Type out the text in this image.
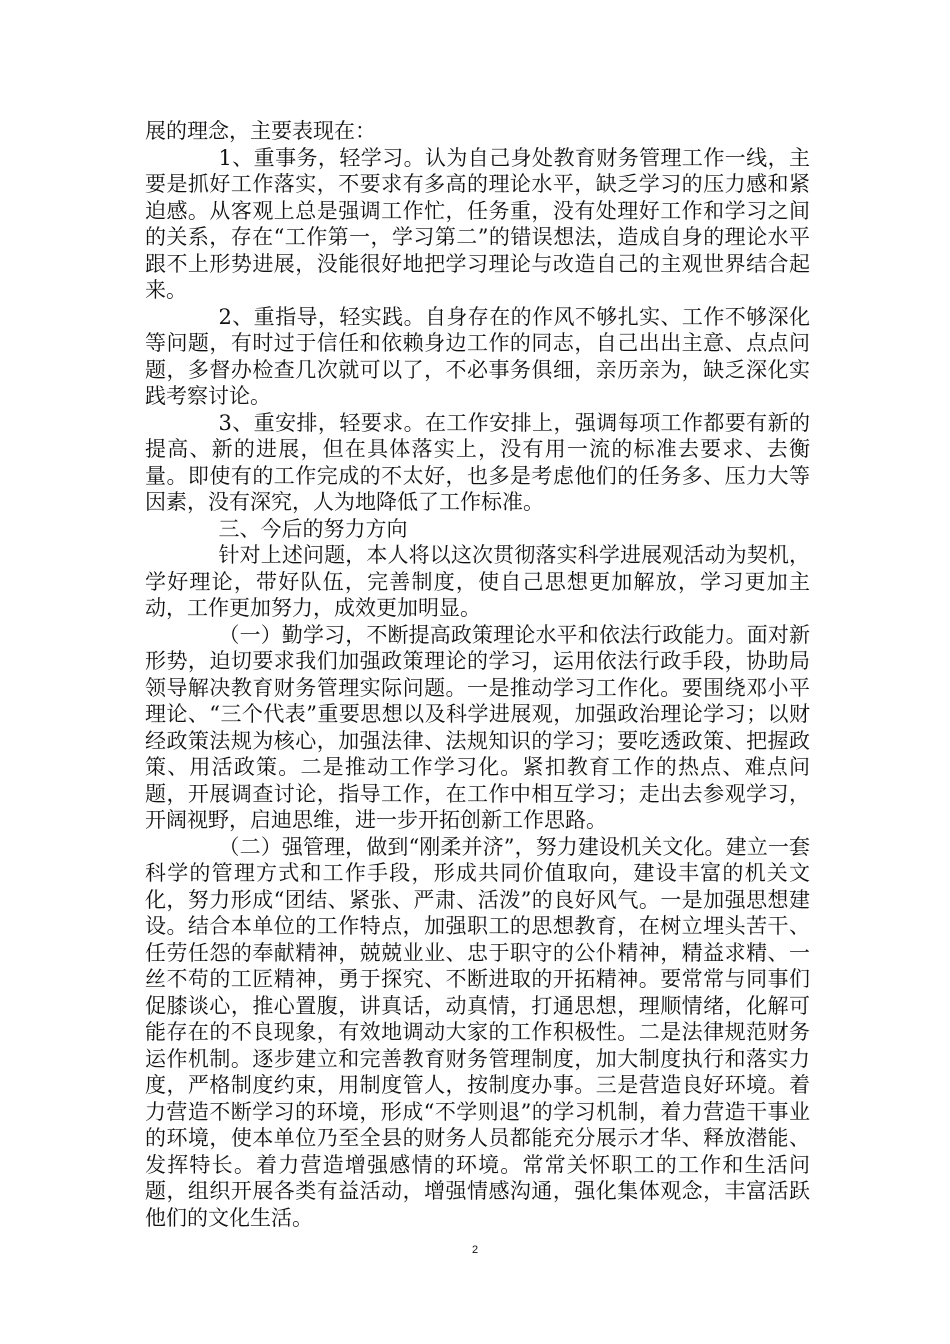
展的理念，主要表现在：

1、重事务，轻学习。认为自己身处教育财务管理工作一线，主要是抓好工作落实，不要求有多高的理论水平，缺乏学习的压力感和紧迫感。从客观上总是强调工作忙，任务重，没有处理好工作和学习之间的关系，存在“工作第一，学习第二”的错误想法，造成自身的理论水平跟不上形势进展，没能很好地把学习理论与改造自己的主观世界结合起来。

2、重指导，轻实践。自身存在的作风不够扎实、工作不够深化等问题，有时过于信任和依赖身边工作的同志，自己出出主意、点点问题，多督办检查几次就可以了，不必事务俱细，亲历亲为，缺乏深化实践考察讨论。

3、重安排，轻要求。在工作安排上，强调每项工作都要有新的提高、新的进展，但在具体落实上，没有用一流的标准去要求、去衡量。即使有的工作完成的不太好，也多是考虑他们的任务多、压力大等因素，没有深究，人为地降低了工作标准。

三、今后的努力方向

针对上述问题，本人将以这次贯彻落实科学进展观活动为契机，学好理论，带好队伍，完善制度，使自己思想更加解放，学习更加主动，工作更加努力，成效更加明显。

（一）勤学习，不断提高政策理论水平和依法行政能力。面对新形势，迫切要求我们加强政策理论的学习，运用依法行政手段，协助局领导解决教育财务管理实际问题。一是推动学习工作化。要围绕邓小平理论、“三个代表”重要思想以及科学进展观，加强政治理论学习；以财经政策法规为核心，加强法律、法规知识的学习；要吃透政策、把握政策、用活政策。二是推动工作学习化。紧扣教育工作的热点、难点问题，开展调查讨论，指导工作，在工作中相互学习；走出去参观学习，开阔视野，启迪思维，进一步开拓创新工作思路。

（二）强管理，做到“刚柔并济”，努力建设机关文化。建立一套科学的管理方式和工作手段，形成共同价值取向，建设丰富的机关文化，努力形成“团结、紧张、严肃、活泼”的良好风气。一是加强思想建设。结合本单位的工作特点，加强职工的思想教育，在树立埋头苦干、任劳任怨的奉献精神，兢兢业业、忠于职守的公仆精神，精益求精、一丝不苟的工匠精神，勇于探究、不断进取的开拓精神。要常常与同事们促膝谈心，推心置腹，讲真话，动真情，打通思想，理顺情绪，化解可能存在的不良现象，有效地调动大家的工作积极性。二是法律规范财务运作机制。逐步建立和完善教育财务管理制度，加大制度执行和落实力度，严格制度约束，用制度管人，按制度办事。三是营造良好环境。着力营造不断学习的环境，形成“不学则退”的学习机制，着力营造干事业的环境，使本单位乃至全县的财务人员都能充分展示才华、释放潜能、发挥特长。着力营造增强感情的环境。常常关怀职工的工作和生活问题，组织开展各类有益活动，增强情感沟通，强化集体观念，丰富活跃他们的文化生活。

2
